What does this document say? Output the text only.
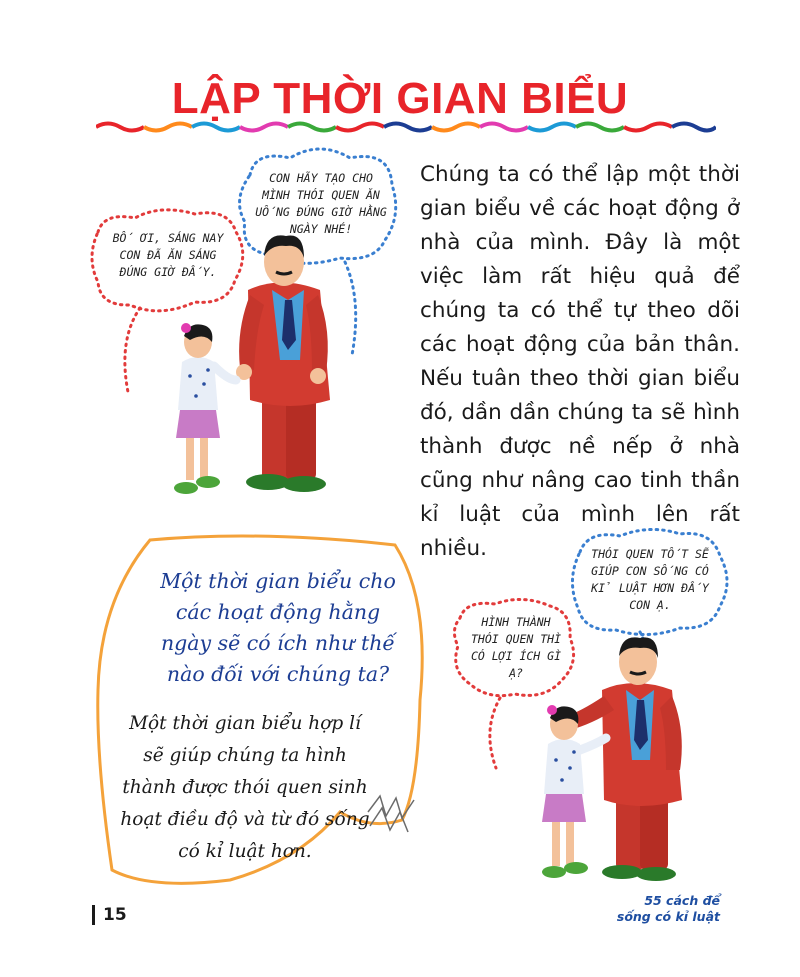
LẬP THỜI GIAN BIỂU
CON HÃY TẠO CHO MÌNH THÓI QUEN ĂN UỐNG ĐÚNG GIỜ HẰNG NGÀY NHÉ!
BỐ ƠI, SÁNG NAY CON ĐÃ ĂN SÁNG ĐÚNG GIỜ ĐẤY.
THÓI QUEN TỐT SẼ GIÚP CON SỐNG CÓ KỈ LUẬT HƠN ĐẤY CON Ạ.
HÌNH THÀNH THÓI QUEN THÌ CÓ LỢI ÍCH GÌ Ạ?
Chúng ta có thể lập một thời gian biểu về các hoạt động ở nhà của mình. Đây là một việc làm rất hiệu quả để chúng ta có thể tự theo dõi các hoạt động của bản thân. Nếu tuân theo thời gian biểu đó, dần dần chúng ta sẽ hình thành được nề nếp ở nhà cũng như nâng cao tinh thần kỉ luật của mình lên rất nhiều.
Một thời gian biểu cho các hoạt động hằng ngày sẽ có ích như thế nào đối với chúng ta?
Một thời gian biểu hợp lí sẽ giúp chúng ta hình thành được thói quen sinh hoạt điều độ và từ đó sống có kỉ luật hơn.
15
55 cách để
sống có kỉ luật
